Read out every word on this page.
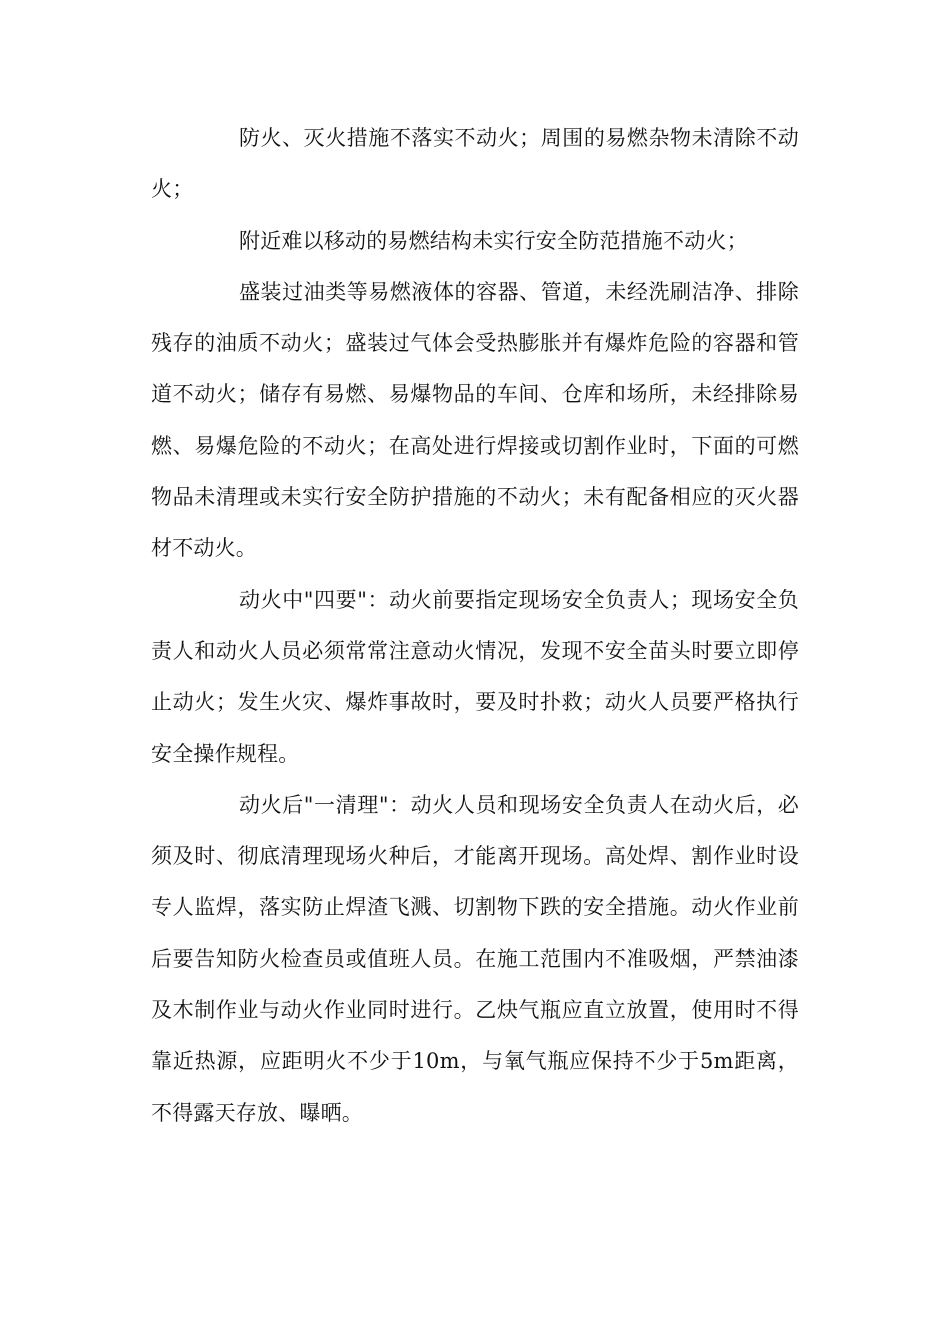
防火、灭火措施不落实不动火；周围的易燃杂物未清除不动火；

附近难以移动的易燃结构未实行安全防范措施不动火；

盛装过油类等易燃液体的容器、管道，未经洗刷洁净、排除残存的油质不动火；盛装过气体会受热膨胀并有爆炸危险的容器和管道不动火；储存有易燃、易爆物品的车间、仓库和场所，未经排除易燃、易爆危险的不动火；在高处进行焊接或切割作业时，下面的可燃物品未清理或未实行安全防护措施的不动火；未有配备相应的灭火器材不动火。

动火中"四要"：动火前要指定现场安全负责人；现场安全负责人和动火人员必须常常注意动火情况，发现不安全苗头时要立即停止动火；发生火灾、爆炸事故时，要及时扑救；动火人员要严格执行安全操作规程。

动火后"一清理"：动火人员和现场安全负责人在动火后，必须及时、彻底清理现场火种后，才能离开现场。高处焊、割作业时设专人监焊，落实防止焊渣飞溅、切割物下跌的安全措施。动火作业前后要告知防火检查员或值班人员。在施工范围内不准吸烟，严禁油漆及木制作业与动火作业同时进行。乙炔气瓶应直立放置，使用时不得靠近热源，应距明火不少于10m，与氧气瓶应保持不少于5m距离，不得露天存放、曝晒。
